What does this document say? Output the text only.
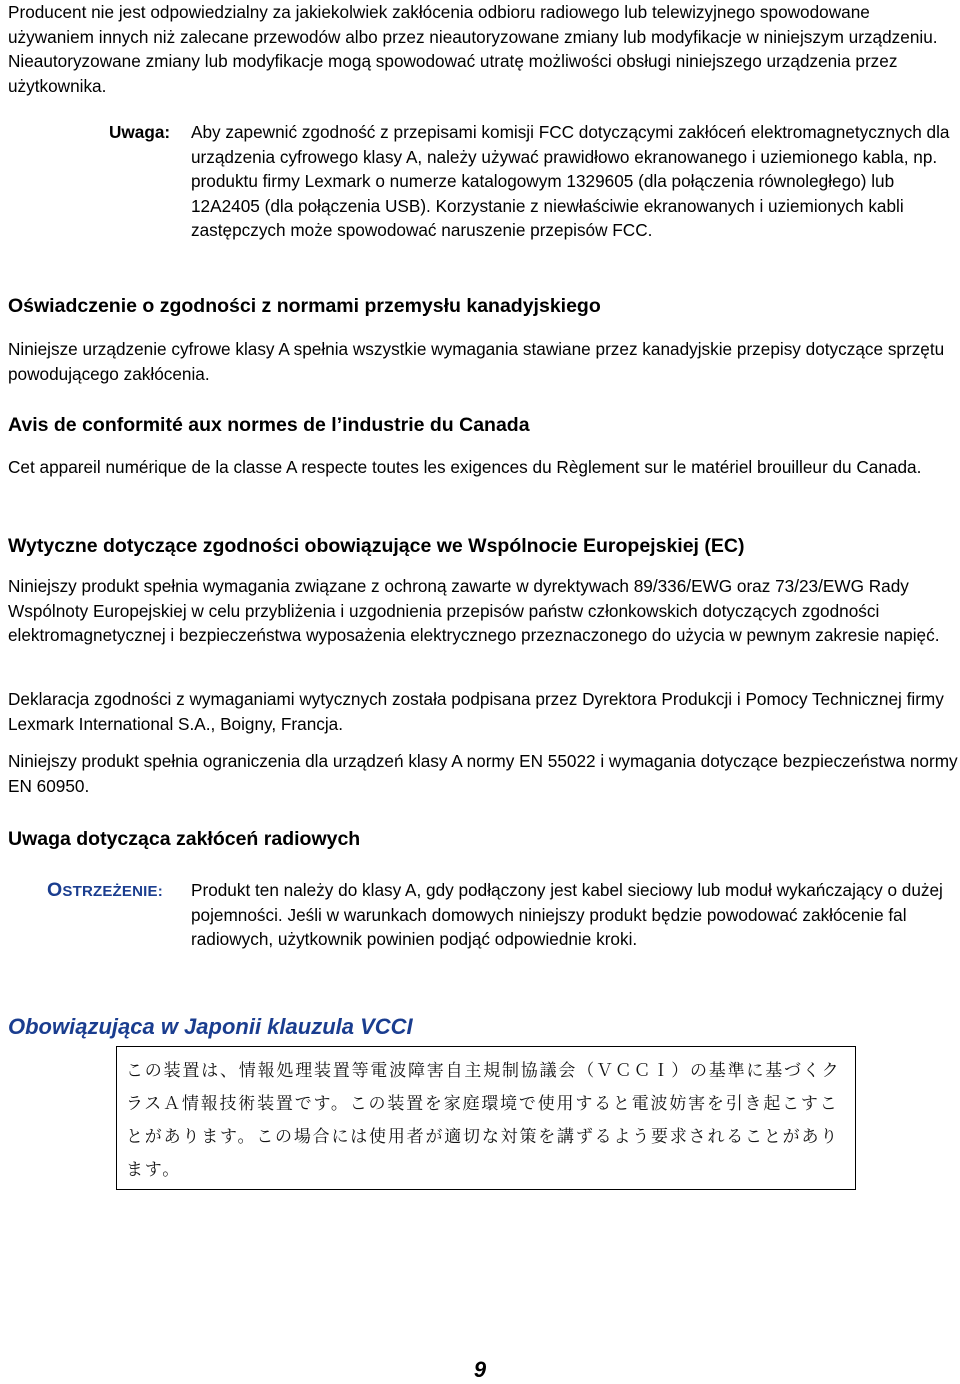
Producent nie jest odpowiedzialny za jakiekolwiek zakłócenia odbioru radiowego lub telewizyjnego spowodowane używaniem innych niż zalecane przewodów albo przez nieautoryzowane zmiany lub modyfikacje w niniejszym urządzeniu. Nieautoryzowane zmiany lub modyfikacje mogą spowodować utratę możliwości obsługi niniejszego urządzenia przez użytkownika.

Uwaga: Aby zapewnić zgodność z przepisami komisji FCC dotyczącymi zakłóceń elektromagnetycznych dla urządzenia cyfrowego klasy A, należy używać prawidłowo ekranowanego i uziemionego kabla, np. produktu firmy Lexmark o numerze katalogowym 1329605 (dla połączenia równoległego) lub 12A2405 (dla połączenia USB). Korzystanie z niewłaściwie ekranowanych i uziemionych kabli zastępczych może spowodować naruszenie przepisów FCC.

Oświadczenie o zgodności z normami przemysłu kanadyjskiego

Niniejsze urządzenie cyfrowe klasy A spełnia wszystkie wymagania stawiane przez kanadyjskie przepisy dotyczące sprzętu powodującego zakłócenia.

Avis de conformité aux normes de l’industrie du Canada

Cet appareil numérique de la classe A respecte toutes les exigences du Règlement sur le matériel brouilleur du Canada.

Wytyczne dotyczące zgodności obowiązujące we Wspólnocie Europejskiej (EC)

Niniejszy produkt spełnia wymagania związane z ochroną zawarte w dyrektywach 89/336/EWG oraz 73/23/EWG Rady Wspólnoty Europejskiej w celu przybliżenia i uzgodnienia przepisów państw członkowskich dotyczących zgodności elektromagnetycznej i bezpieczeństwa wyposażenia elektrycznego przeznaczonego do użycia w pewnym zakresie napięć.

Deklaracja zgodności z wymaganiami wytycznych została podpisana przez Dyrektora Produkcji i Pomocy Technicznej firmy Lexmark International S.A., Boigny, Francja.

Niniejszy produkt spełnia ograniczenia dla urządzeń klasy A normy EN 55022 i wymagania dotyczące bezpieczeństwa normy EN 60950.

Uwaga dotycząca zakłóceń radiowych
OSTRZEŻENIE: Produkt ten należy do klasy A, gdy podłączony jest kabel sieciowy lub moduł wykańczający o dużej pojemności. Jeśli w warunkach domowych niniejszy produkt będzie powodować zakłócenie fal radiowych, użytkownik powinien podjąć odpowiednie kroki.

Obowiązująca w Japonii klauzula VCCI
この装置は、情報処理装置等電波障害自主規制協議会（ＶＣＣＩ）の基準に基づくクラスＡ情報技術装置です。この装置を家庭環境で使用すると電波妨害を引き起こすことがあります。この場合には使用者が適切な対策を講ずるよう要求されることがあります。
9
